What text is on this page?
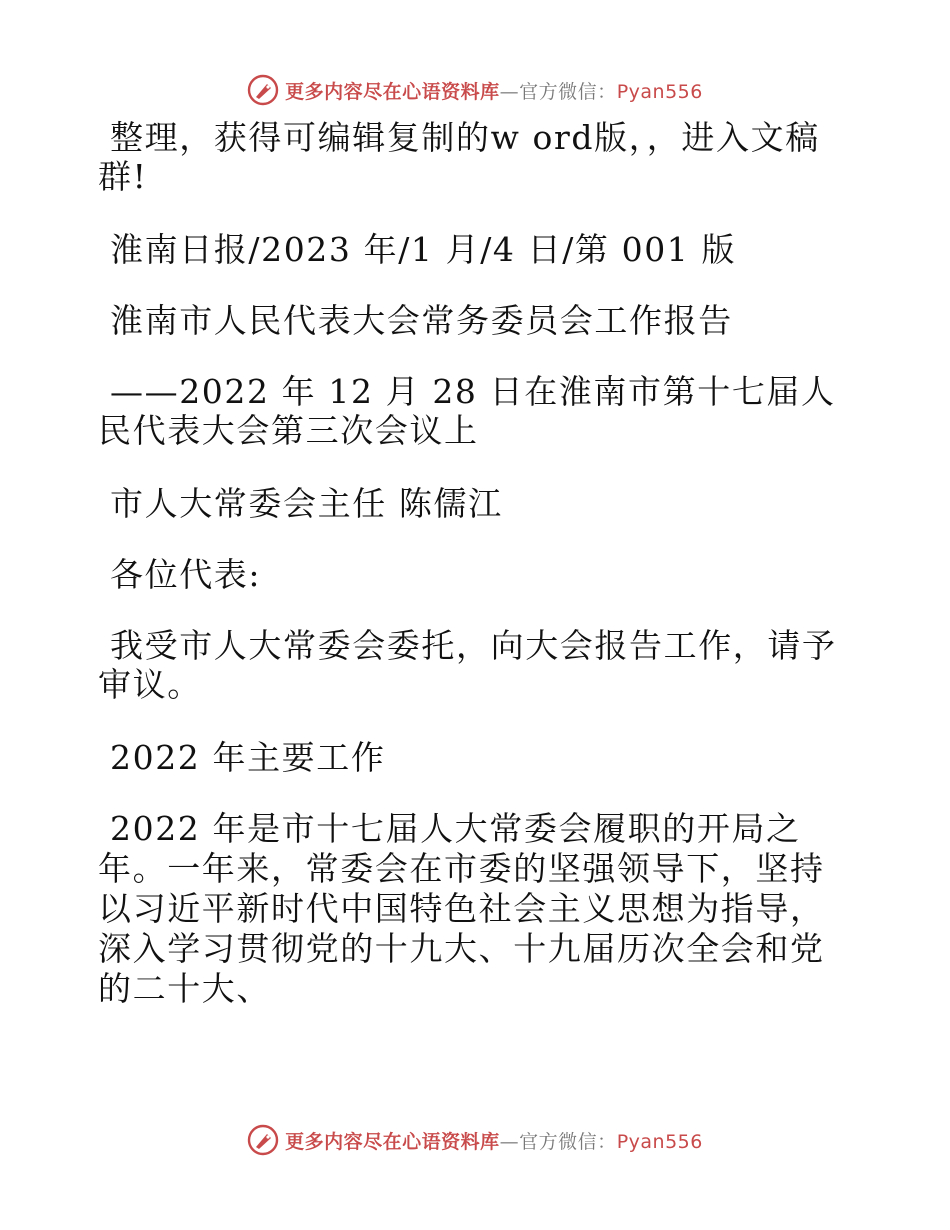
更多内容尽在心语资料库—官方微信：Pyan556

整理，获得可编辑复制的w ord版，，进入文稿群!

淮南日报/2023 年/1 月/4 日/第 001 版

淮南市人民代表大会常务委员会工作报告

——2022 年 12 月 28 日在淮南市第十七届人民代表大会第三次会议上

市人大常委会主任 陈儒江

各位代表:

我受市人大常委会委托，向大会报告工作，请予审议。

2022 年主要工作

2022 年是市十七届人大常委会履职的开局之年。一年来，常委会在市委的坚强领导下，坚持以习近平新时代中国特色社会主义思想为指导，深入学习贯彻党的十九大、十九届历次全会和党的二十大、

更多内容尽在心语资料库—官方微信：Pyan556
